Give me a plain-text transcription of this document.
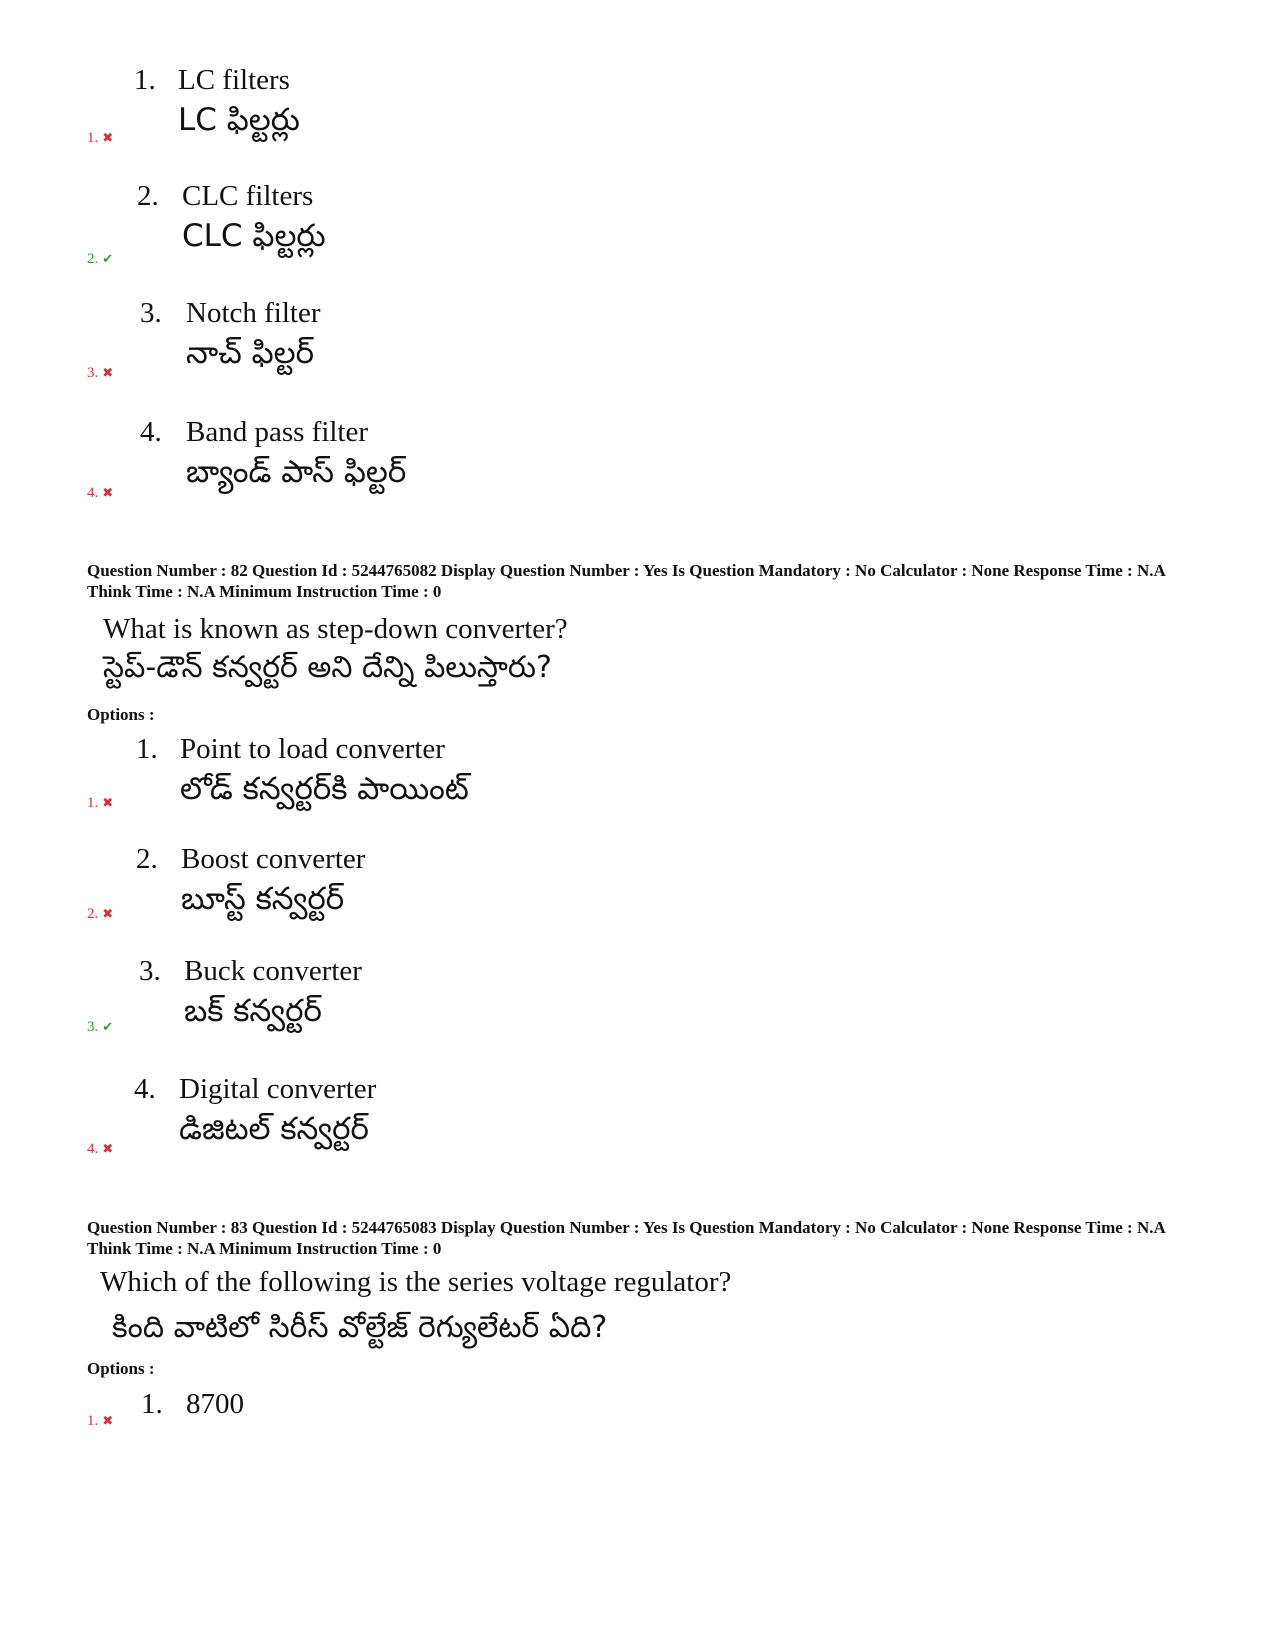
1. LC filters
LC ఫిల్టర్లు
1. ✖
2. CLC filters
CLC ఫిల్టర్లు
2. ✔
3. Notch filter
నాచ్ ఫిల్టర్
3. ✖
4. Band pass filter
బ్యాండ్ పాస్ ఫిల్టర్
4. ✖
Question Number : 82 Question Id : 5244765082 Display Question Number : Yes Is Question Mandatory : No Calculator : None Response Time : N.A Think Time : N.A Minimum Instruction Time : 0
What is known as step-down converter?
స్టెప్-డౌన్ కన్వర్టర్ అని దేన్ని పిలుస్తారు?
Options :
1. Point to load converter
లోడ్ కన్వర్టర్‌కి పాయింట్
1. ✖
2. Boost converter
బూస్ట్ కన్వర్టర్
2. ✖
3. Buck converter
బక్ కన్వర్టర్
3. ✔
4. Digital converter
డిజిటల్ కన్వర్టర్
4. ✖
Question Number : 83 Question Id : 5244765083 Display Question Number : Yes Is Question Mandatory : No Calculator : None Response Time : N.A Think Time : N.A Minimum Instruction Time : 0
Which of the following is the series voltage regulator?
కింది వాటిలో సిరీస్ వోల్టేజ్ రెగ్యులేటర్ ఏది?
Options :
1. 8700
1. ✖
